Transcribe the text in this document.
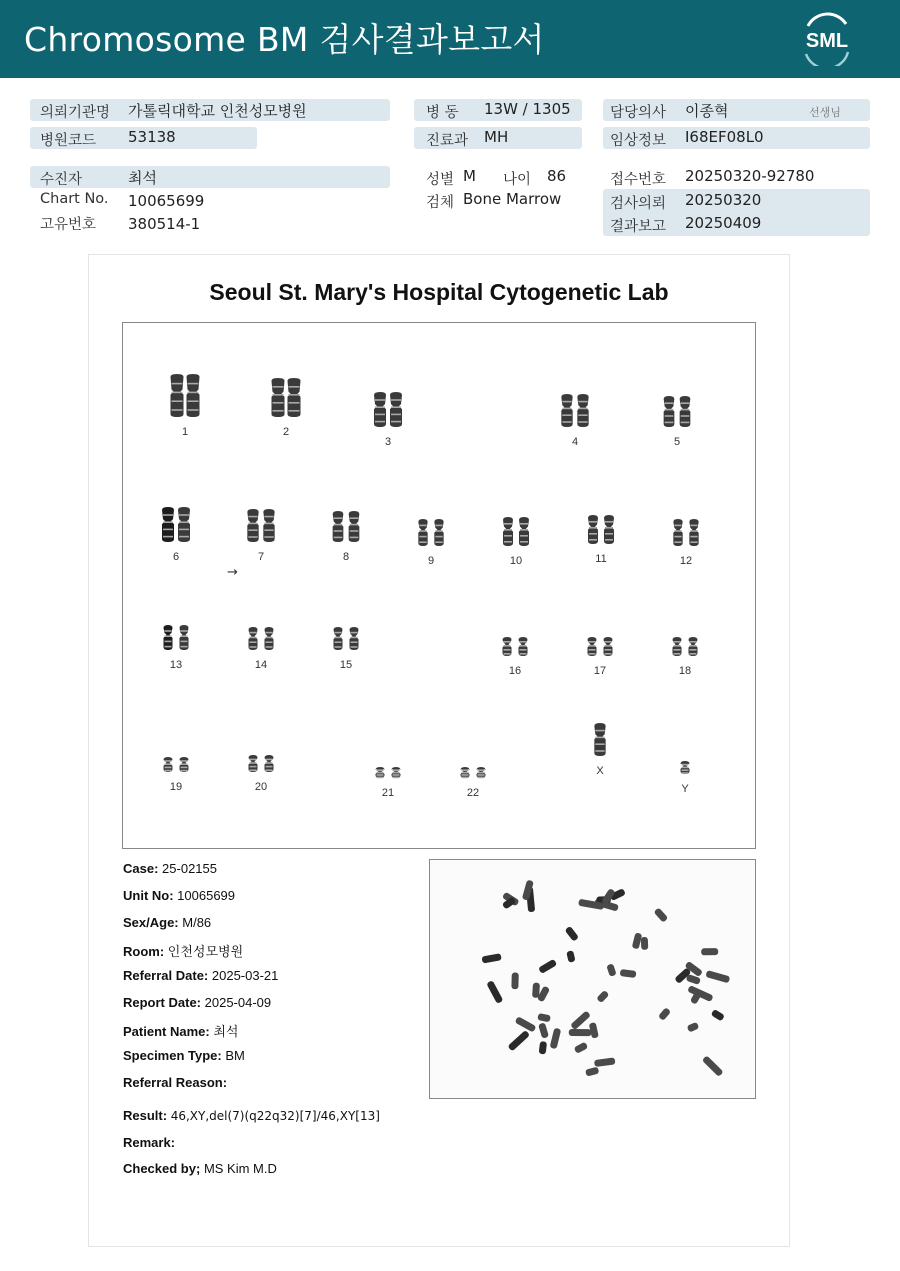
Chromosome BM 검사결과보고서	SML
의뢰기관명 가톨릭대학교 인천성모병원
병원코드 53138
병 동 13W / 1305
진료과 MH
담당의사 이종혁	선생님
임상정보 I68EF08L0
수진자	최석
Chart No. 10065699
고유번호 380514-1
성별 M 나이 86
검체 Bone Marrow
접수번호 20250320-92780
검사의뢰 20250320
결과보고 20250409
Seoul St. Mary's Hospital Cytogenetic Lab
1	2
3	4	5
6	7	8	9	10	11	12
13	14	15	16	17	18
19	20	21	22
X
Y
→
Case: 25-02155
Unit No: 10065699
Sex/Age: M/86
Room: 인천성모병원
Referral Date: 2025-03-21
Report Date: 2025-04-09
Patient Name: 최석
Specimen Type: BM
Referral Reason:
Result: 46,XY,del(7)(q22q32)[7]/46,XY[13]
Remark:
Checked by; MS Kim M.D
